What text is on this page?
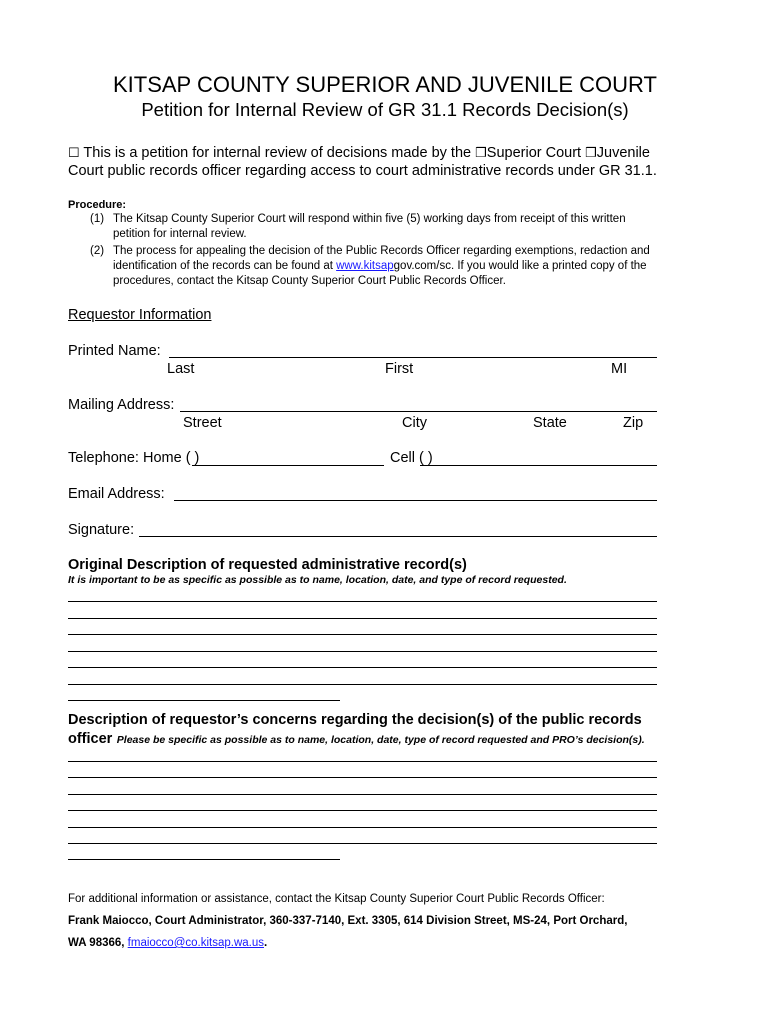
KITSAP COUNTY SUPERIOR AND JUVENILE COURT
Petition for Internal Review of GR 31.1 Records Decision(s)
☐ This is a petition for internal review of decisions made by the ❒Superior Court ❒Juvenile
Court public records officer regarding access to court administrative records under GR 31.1.
Procedure:
(1) The Kitsap County Superior Court will respond within five (5) working days from receipt of this written
petition for internal review.
(2) The process for appealing the decision of the Public Records Officer regarding exemptions, redaction and
identification of the records can be found at www.kitsapgov.com/sc. If you would like a printed copy of the
procedures, contact the Kitsap County Superior Court Public Records Officer.
Requestor Information
Printed Name:
Last	First	MI
Mailing Address:
Street	City	State	Zip
Telephone: Home ( )	Cell ( )
Email Address:
Signature:
Original Description of requested administrative record(s)
It is important to be as specific as possible as to name, location, date, and type of record requested.
Description of requestor’s concerns regarding the decision(s) of the public records
officer Please be specific as possible as to name, location, date, type of record requested and PRO’s decision(s).
For additional information or assistance, contact the Kitsap County Superior Court Public Records Officer:
Frank Maiocco, Court Administrator, 360-337-7140, Ext. 3305, 614 Division Street, MS-24, Port Orchard,
WA 98366, fmaiocco@co.kitsap.wa.us.
